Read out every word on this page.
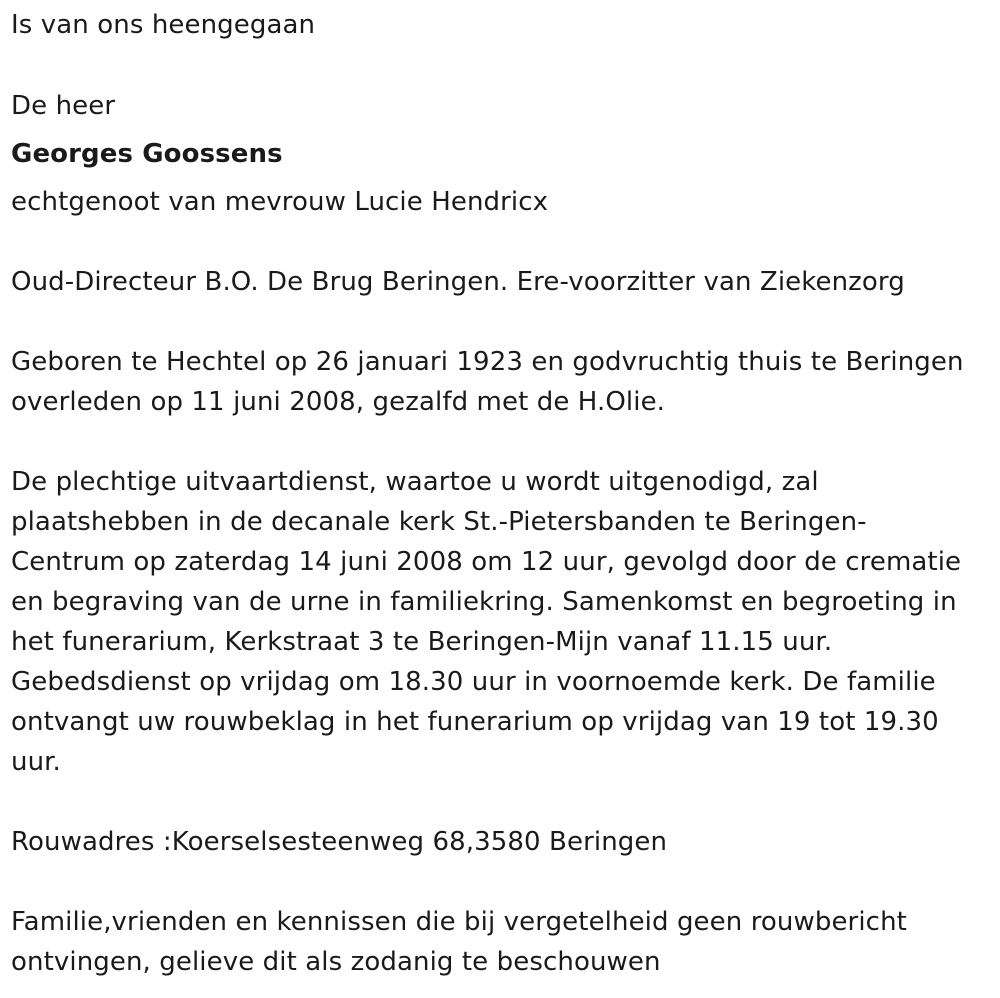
Is van ons heengegaan
De heer
Georges Goossens
echtgenoot van mevrouw Lucie Hendricx
Oud-Directeur B.O. De Brug Beringen. Ere-voorzitter van Ziekenzorg
Geboren te Hechtel op 26 januari 1923 en godvruchtig thuis te Beringen
overleden op 11 juni 2008, gezalfd met de H.Olie.
De plechtige uitvaartdienst, waartoe u wordt uitgenodigd, zal
plaatshebben in de decanale kerk St.-Pietersbanden te Beringen-
Centrum op zaterdag 14 juni 2008 om 12 uur, gevolgd door de crematie
en begraving van de urne in familiekring. Samenkomst en begroeting in
het funerarium, Kerkstraat 3 te Beringen-Mijn vanaf 11.15 uur.
Gebedsdienst op vrijdag om 18.30 uur in voornoemde kerk. De familie
ontvangt uw rouwbeklag in het funerarium op vrijdag van 19 tot 19.30
uur.
Rouwadres :Koerselsesteenweg 68,3580 Beringen
Familie,vrienden en kennissen die bij vergetelheid geen rouwbericht
ontvingen, gelieve dit als zodanig te beschouwen
